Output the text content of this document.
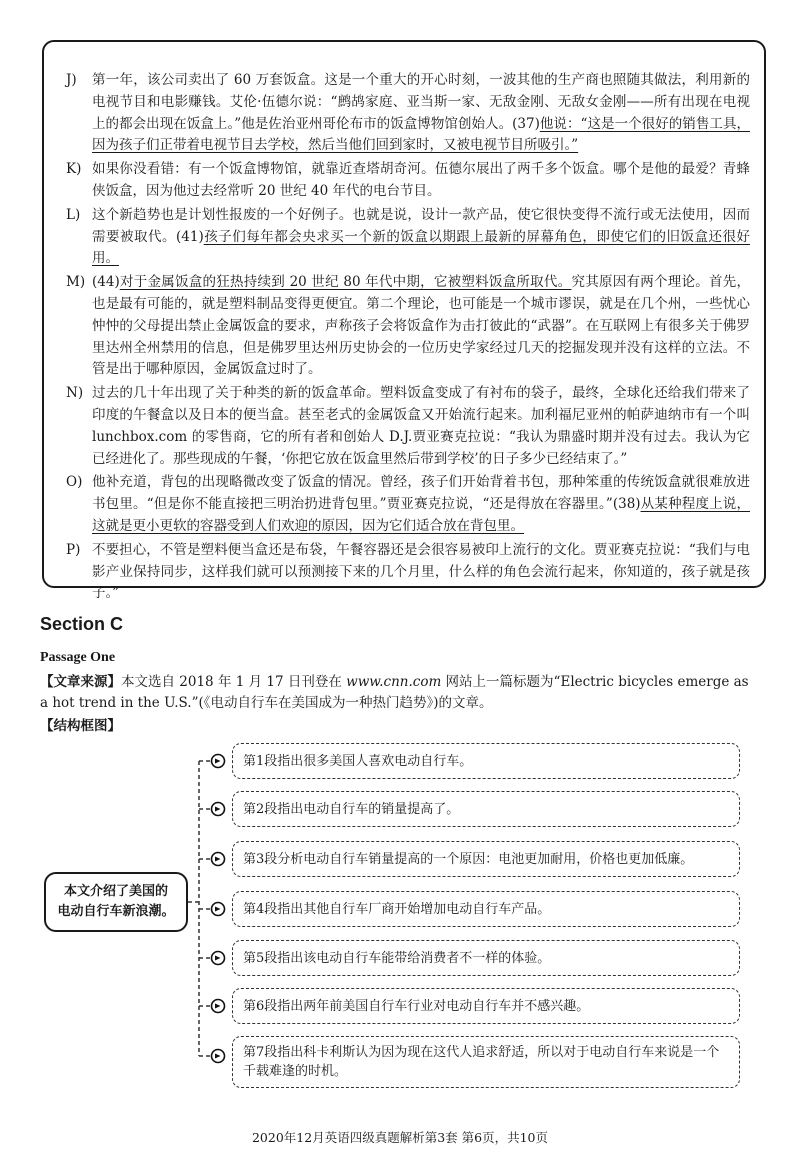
J)	第一年，该公司卖出了 60 万套饭盒。这是一个重大的开心时刻，一波其他的生产商也照随其做法，利用新的电视节目和电影赚钱。艾伦·伍德尔说：“鹧鸪家庭、亚当斯一家、无敌金刚、无敌女金刚——所有出现在电视上的都会出现在饭盒上。”他是佐治亚州哥伦布市的饭盒博物馆创始人。(37)他说：“这是一个很好的销售工具，因为孩子们正带着电视节目去学校，然后当他们回到家时，又被电视节目所吸引。”
K) 如果你没看错：有一个饭盒博物馆，就靠近查塔胡奇河。伍德尔展出了两千多个饭盒。哪个是他的最爱？青蜂侠饭盒，因为他过去经常听 20 世纪 40 年代的电台节目。
L) 这个新趋势也是计划性报废的一个好例子。也就是说，设计一款产品，使它很快变得不流行或无法使用，因而需要被取代。(41)孩子们每年都会央求买一个新的饭盒以期跟上最新的屏幕角色，即使它们的旧饭盒还很好用。
M) (44)对于金属饭盒的狂热持续到 20 世纪 80 年代中期，它被塑料饭盒所取代。究其原因有两个理论。首先，也是最有可能的，就是塑料制品变得更便宜。第二个理论，也可能是一个城市谬误，就是在几个州，一些忧心忡忡的父母提出禁止金属饭盒的要求，声称孩子会将饭盒作为击打彼此的“武器”。在互联网上有很多关于佛罗里达州全州禁用的信息，但是佛罗里达州历史协会的一位历史学家经过几天的挖掘发现并没有这样的立法。不管是出于哪种原因，金属饭盒过时了。
N) 过去的几十年出现了关于种类的新的饭盒革命。塑料饭盒变成了有衬布的袋子，最终，全球化还给我们带来了印度的午餐盒以及日本的便当盒。甚至老式的金属饭盒又开始流行起来。加利福尼亚州的帕萨迪纳市有一个叫 lunchbox.com 的零售商，它的所有者和创始人 D.J.贾亚赛克拉说：“我认为鼎盛时期并没有过去。我认为它已经进化了。那些现成的午餐，‘你把它放在饭盒里然后带到学校’的日子多少已经结束了。”
O) 他补充道，背包的出现略微改变了饭盒的情况。曾经，孩子们开始背着书包，那种笨重的传统饭盒就很难放进书包里。“但是你不能直接把三明治扔进背包里。”贾亚赛克拉说，“还是得放在容器里。”(38)从某种程度上说，这就是更小更软的容器受到人们欢迎的原因，因为它们适合放在背包里。
P) 不要担心，不管是塑料便当盒还是布袋，午餐容器还是会很容易被印上流行的文化。贾亚赛克拉说：“我们与电影产业保持同步，这样我们就可以预测接下来的几个月里，什么样的角色会流行起来，你知道的，孩子就是孩子。”
Section C
Passage One
【文章来源】本文选自 2018 年 1 月 17 日刊登在 www.cnn.com 网站上一篇标题为“Electric bicycles emerge as a hot trend in the U.S.”(《电动自行车在美国成为一种热门趋势》)的文章。
【结构框图】
本文介绍了美国的
电动自行车新浪潮。
第1段指出很多美国人喜欢电动自行车。
第2段指出电动自行车的销量提高了。
第3段分析电动自行车销量提高的一个原因：电池更加耐用，价格也更加低廉。
第4段指出其他自行车厂商开始增加电动自行车产品。
第5段指出该电动自行车能带给消费者不一样的体验。
第6段指出两年前美国自行车行业对电动自行车并不感兴趣。
第7段指出科卡利斯认为因为现在这代人追求舒适，所以对于电动自行车来说是一个千载难逢的时机。
2020年12月英语四级真题解析第3套 第6页，共10页
